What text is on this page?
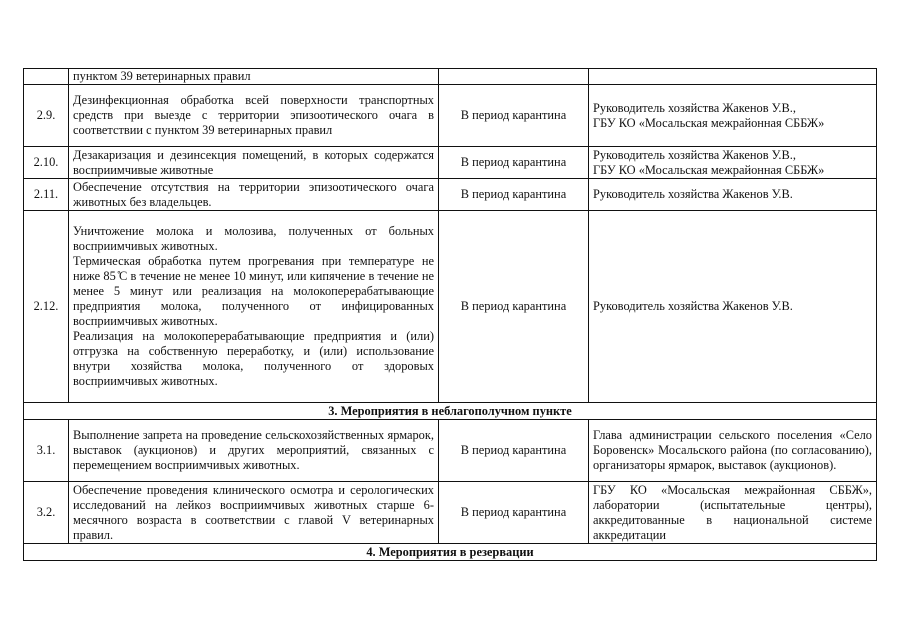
	пунктом 39 ветеринарных правил		
2.9.	Дезинфекционная обработка всей поверхности транспортных средств при выезде с территории эпизоотического очага в соответствии с пунктом 39 ветеринарных правил	В период карантина	Руководитель хозяйства Жакенов У.В.,
ГБУ КО «Мосальская межрайонная СББЖ»

2.10.	Дезакаризация и дезинсекция помещений, в которых содержатся восприимчивые животные	В период карантина	Руководитель хозяйства Жакенов У.В.,
ГБУ КО «Мосальская межрайонная СББЖ»

2.11.	Обеспечение отсутствия на территории эпизоотического очага животных без владельцев.	В период карантина	Руководитель хозяйства Жакенов У.В.
2.12.	Уничтожение молока и молозива, полученных от больных восприимчивых животных.
Термическая обработка путем прогревания при температуре не ниже 85 ̊С в течение не менее 10 минут, или кипячение в течение не менее 5 минут или реализация на молокоперерабатывающие предприятия молока, полученного от инфицированных восприимчивых животных.
Реализация на молокоперерабатывающие предприятия и (или) отгрузка на собственную переработку, и (или) использование внутри хозяйства молока, полученного от здоровых восприимчивых животных.	В период карантина	Руководитель хозяйства Жакенов У.В.
3. Мероприятия в неблагополучном пункте			
3.1.	Выполнение запрета на проведение сельскохозяйственных ярмарок, выставок (аукционов) и других мероприятий, связанных с перемещением восприимчивых животных.	В период карантина	Глава администрации сельского поселения «Село Боровенск» Мосальского района (по согласованию), организаторы ярмарок, выставок (аукционов).
3.2.	Обеспечение проведения клинического осмотра и серологических исследований на лейкоз восприимчивых животных старше 6-месячного возраста в соответствии с главой V ветеринарных правил.	В период карантина	ГБУ КО «Мосальская межрайонная СББЖ», лаборатории (испытательные центры), аккредитованные в национальной системе аккредитации
4. Мероприятия в резервации			
